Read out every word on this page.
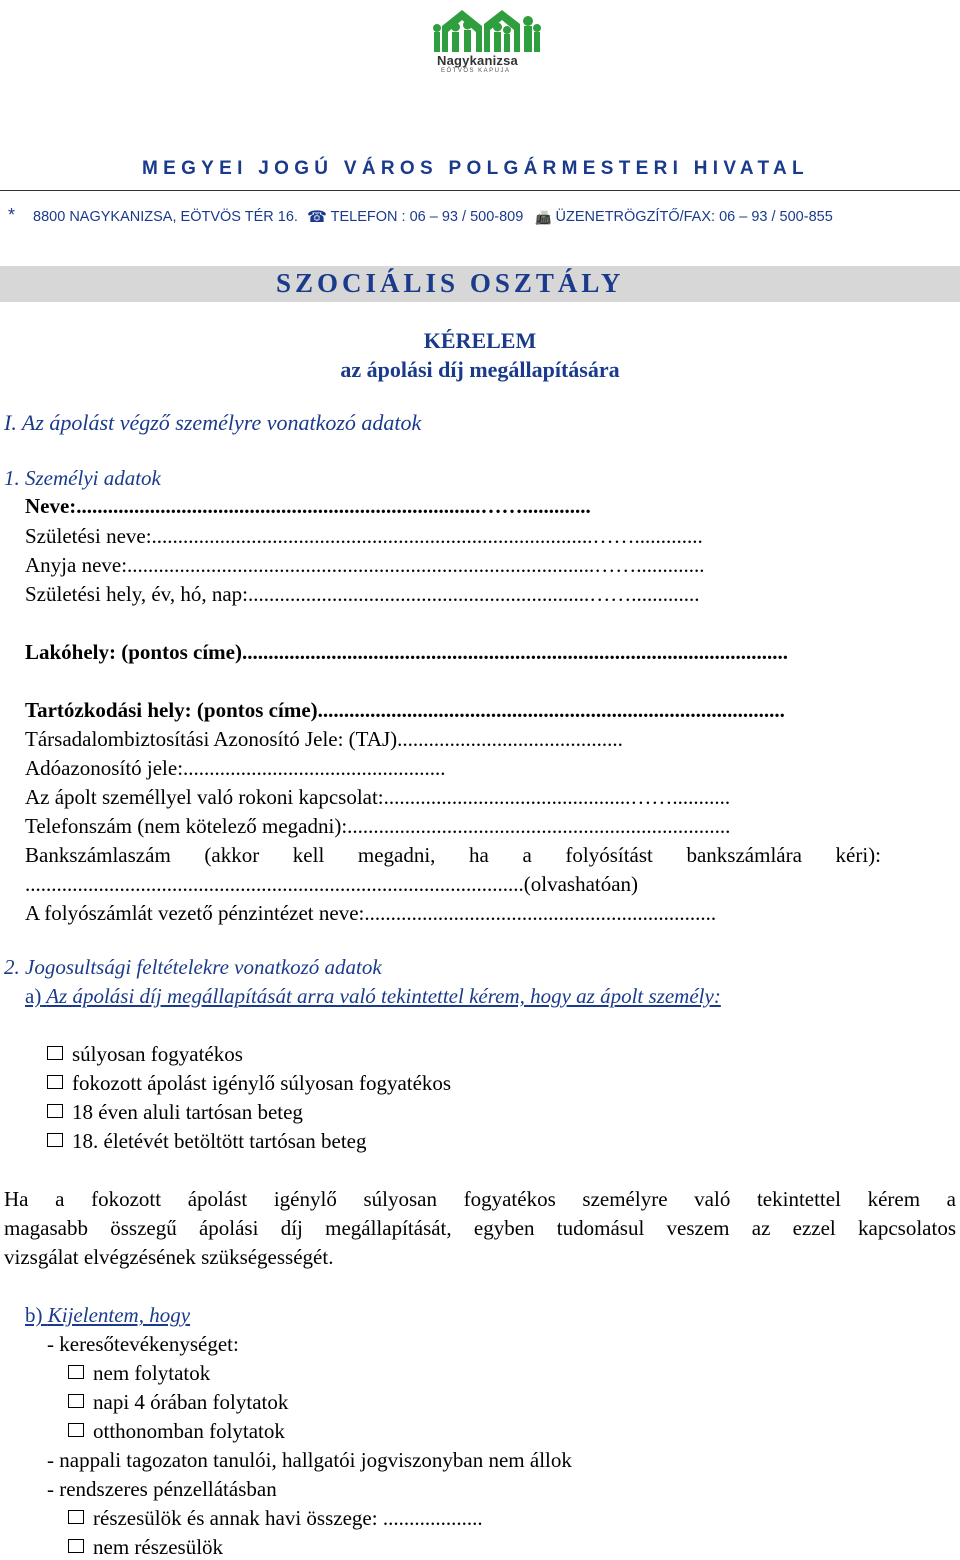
Nagykanizsa
EÖTVÖS KAPUJA
MEGYEI JOGÚ VÁROS POLGÁRMESTERI HIVATAL
* 8800 NAGYKANIZSA, EÖTVÖS TÉR 16. ☎ TELEFON : 06 – 93 / 500-809 📠 ÜZENETRÖGZÍTŐ/FAX: 06 – 93 / 500-855
SZOCIÁLIS OSZTÁLY
KÉRELEM
az ápolási díj megállapítására
I. Az ápolást végző személyre vonatkozó adatok
1. Személyi adatok
Neve:.............................................................................…….............
Születési neve:....................................................................................…….............
Anyja neve:.........................................................................................…….............
Születési hely, év, hó, nap:.................................................................…….............
Lakóhely: (pontos címe)........................................................................................................
Tartózkodási hely: (pontos címe).........................................................................................
Társadalombiztosítási Azonosító Jele: (TAJ)...........................................
Adóazonosító jele:..................................................
Az ápolt személlyel való rokoni kapcsolat:...............................................……...........
Telefonszám (nem kötelező megadni):.........................................................................
Bankszámlaszám (akkor kell megadni, ha a folyósítást bankszámlára kéri):
...............................................................................................(olvashatóan)
A folyószámlát vezető pénzintézet neve:...................................................................
2. Jogosultsági feltételekre vonatkozó adatok
a) Az ápolási díj megállapítását arra való tekintettel kérem, hogy az ápolt személy:
súlyosan fogyatékos
fokozott ápolást igénylő súlyosan fogyatékos
18 éven aluli tartósan beteg
18. életévét betöltött tartósan beteg
Ha a fokozott ápolást igénylő súlyosan fogyatékos személyre való tekintettel kérem a
magasabb összegű ápolási díj megállapítását, egyben tudomásul veszem az ezzel kapcsolatos
vizsgálat elvégzésének szükségességét.
b) Kijelentem, hogy
- keresőtevékenységet:
nem folytatok
napi 4 órában folytatok
otthonomban folytatok
- nappali tagozaton tanulói, hallgatói jogviszonyban nem állok
- rendszeres pénzellátásban
részesülök és annak havi összege: ...................
nem részesülök
